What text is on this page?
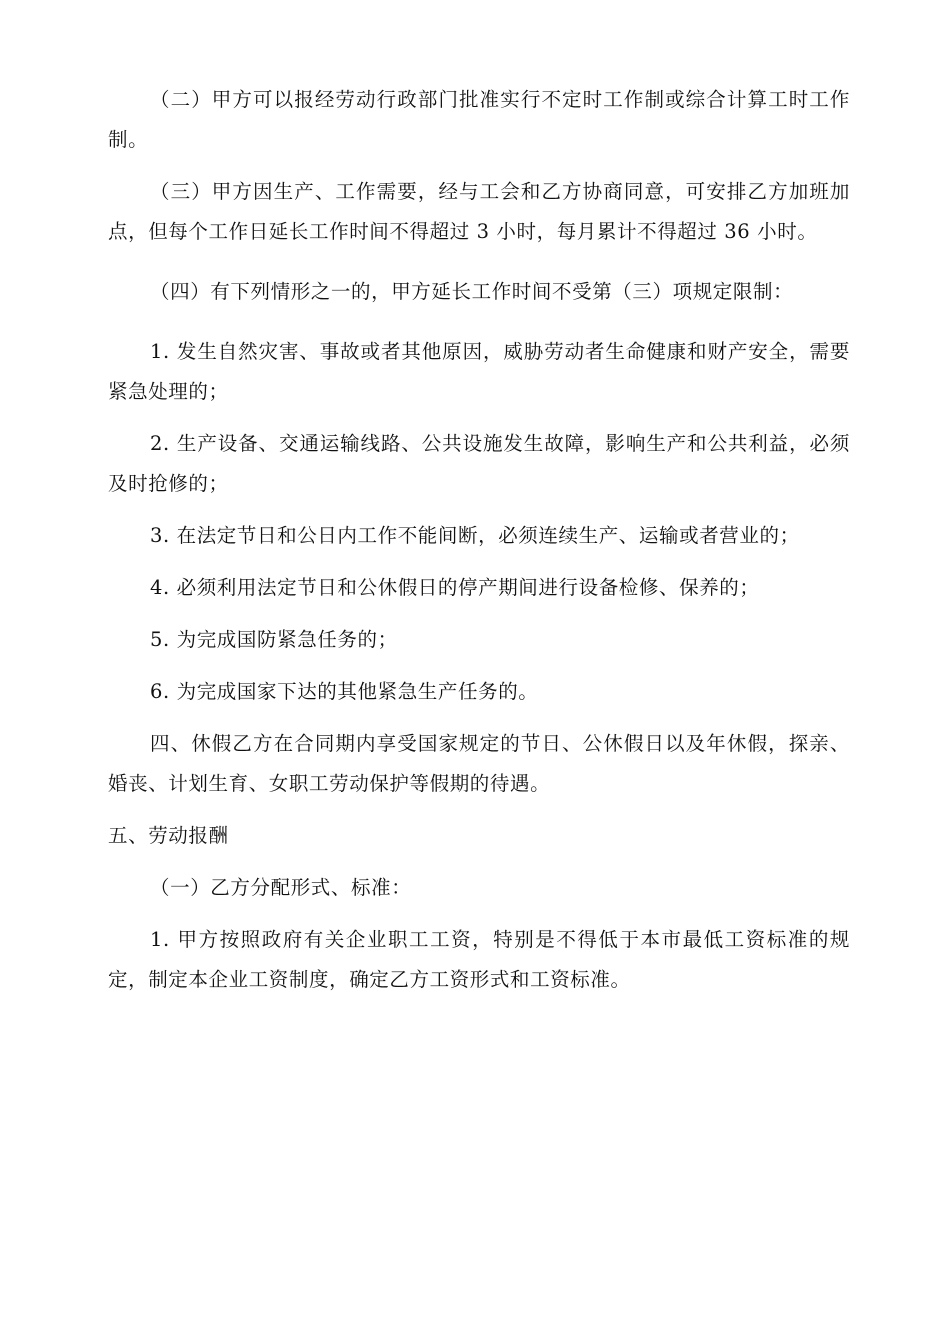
（二）甲方可以报经劳动行政部门批准实行不定时工作制或综合计算工时工作制。

（三）甲方因生产、工作需要，经与工会和乙方协商同意，可安排乙方加班加点，但每个工作日延长工作时间不得超过 3 小时，每月累计不得超过 36 小时。

（四）有下列情形之一的，甲方延长工作时间不受第（三）项规定限制：

1. 发生自然灾害、事故或者其他原因，威胁劳动者生命健康和财产安全，需要紧急处理的；

2. 生产设备、交通运输线路、公共设施发生故障，影响生产和公共利益，必须及时抢修的；

3. 在法定节日和公日内工作不能间断，必须连续生产、运输或者营业的；

4. 必须利用法定节日和公休假日的停产期间进行设备检修、保养的；

5. 为完成国防紧急任务的；

6. 为完成国家下达的其他紧急生产任务的。

四、休假乙方在合同期内享受国家规定的节日、公休假日以及年休假，探亲、婚丧、计划生育、女职工劳动保护等假期的待遇。

五、劳动报酬

（一）乙方分配形式、标准：

1. 甲方按照政府有关企业职工工资，特别是不得低于本市最低工资标准的规定，制定本企业工资制度，确定乙方工资形式和工资标准。
